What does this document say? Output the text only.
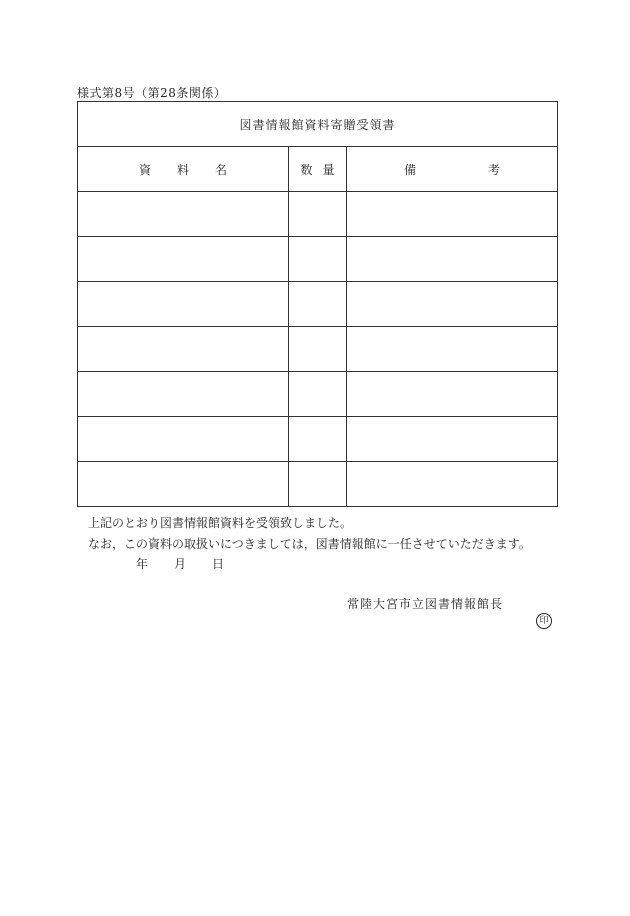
様式第8号（第28条関係）
図書情報館資料寄贈受領書		
資 料 名	数 量	備 考

上記のとおり図書情報館資料を受領致しました。
なお，この資料の取扱いにつきましては，図書情報館に一任させていただきます。
年 月 日
常陸大宮市立図書情報館長
印
